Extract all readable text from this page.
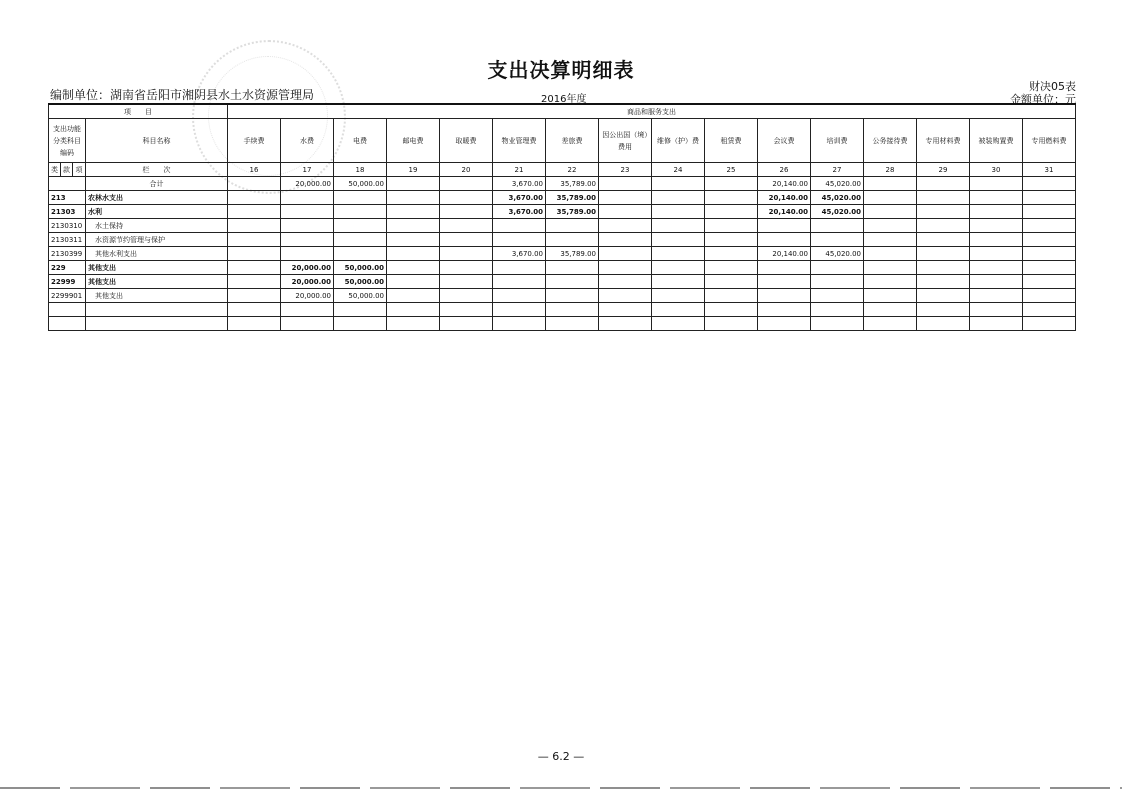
支出决算明细表
财决05表
编制单位：湖南省岳阳市湘阴县水土水资源管理局	2016年度	金额单位：元
项　　目				商品和服务支出															
支出功能分类科目编码			科目名称	手续费	水费	电费	邮电费	取暖费	物业管理费	差旅费	因公出国（境）费用	维修（护）费	租赁费	会议费	培训费	公务接待费	专用材料费	被装购置费	专用燃料费
类	款	项	栏　　次	16	17	18	19	20	21	22	23	24	25	26	27	28	29	30	31
			合计		20,000.00	50,000.00			3,670.00	35,789.00				20,140.00	45,020.00				
213			农林水支出						3,670.00	35,789.00				20,140.00	45,020.00				
21303			水利						3,670.00	35,789.00				20,140.00	45,020.00				
2130310			　水土保持																
2130311			　水资源节约管理与保护																
2130399			　其他水利支出						3,670.00	35,789.00				20,140.00	45,020.00				
229			其他支出		20,000.00	50,000.00													
22999			其他支出		20,000.00	50,000.00													
2299901			　其他支出		20,000.00	50,000.00													

— 6.2 —
